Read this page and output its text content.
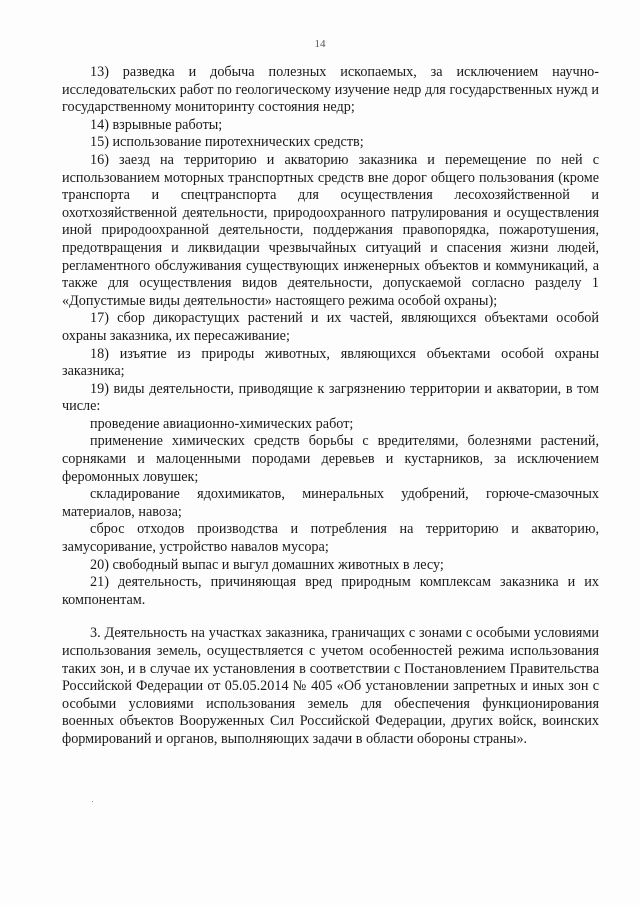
14

13) разведка и добыча полезных ископаемых, за исключением научно-исследовательских работ по геологическому изучение недр для государственных нужд и государственному мониторинту состояния недр;

14) взрывные работы;

15) использование пиротехнических средств;

16) заезд на территорию и акваторию заказника и перемещение по ней с использованием моторных транспортных средств вне дорог общего пользования (кроме транспорта и спецтранспорта для осуществления лесохозяйственной и охотхозяйственной деятельности, природоохранного патрулирования и осуществления иной природоохранной деятельности, поддержания правопорядка, пожаротушения, предотвращения и ликвидации чрезвычайных ситуаций и спасения жизни людей, регламентного обслуживания существующих инженерных объектов и коммуникаций, а также для осуществления видов деятельности, допускаемой согласно разделу 1 «Допустимые виды деятельности» настоящего режима особой охраны);

17) сбор дикорастущих растений и их частей, являющихся объектами особой охраны заказника, их пересаживание;

18) изъятие из природы животных, являющихся объектами особой охраны заказника;

19) виды деятельности, приводящие к загрязнению территории и акватории, в том числе:

проведение авиационно-химических работ;

применение химических средств борьбы с вредителями, болезнями растений, сорняками и малоценными породами деревьев и кустарников, за исключением феромонных ловушек;

складирование ядохимикатов, минеральных удобрений, горюче-смазочных материалов, навоза;

сброс отходов производства и потребления на территорию и акваторию, замусоривание, устройство навалов мусора;

20) свободный выпас и выгул домашних животных в лесу;

21) деятельность, причиняющая вред природным комплексам заказника и их компонентам.

3. Деятельность на участках заказника, граничащих с зонами с особыми условиями использования земель, осуществляется с учетом особенностей режима использования таких зон, и в случае их установления в соответствии с Постановлением Правительства Российской Федерации от 05.05.2014 № 405 «Об установлении запретных и иных зон с особыми условиями использования земель для обеспечения функционирования военных объектов Вооруженных Сил Российской Федерации, других войск, воинских формирований и органов, выполняющих задачи в области обороны страны».
